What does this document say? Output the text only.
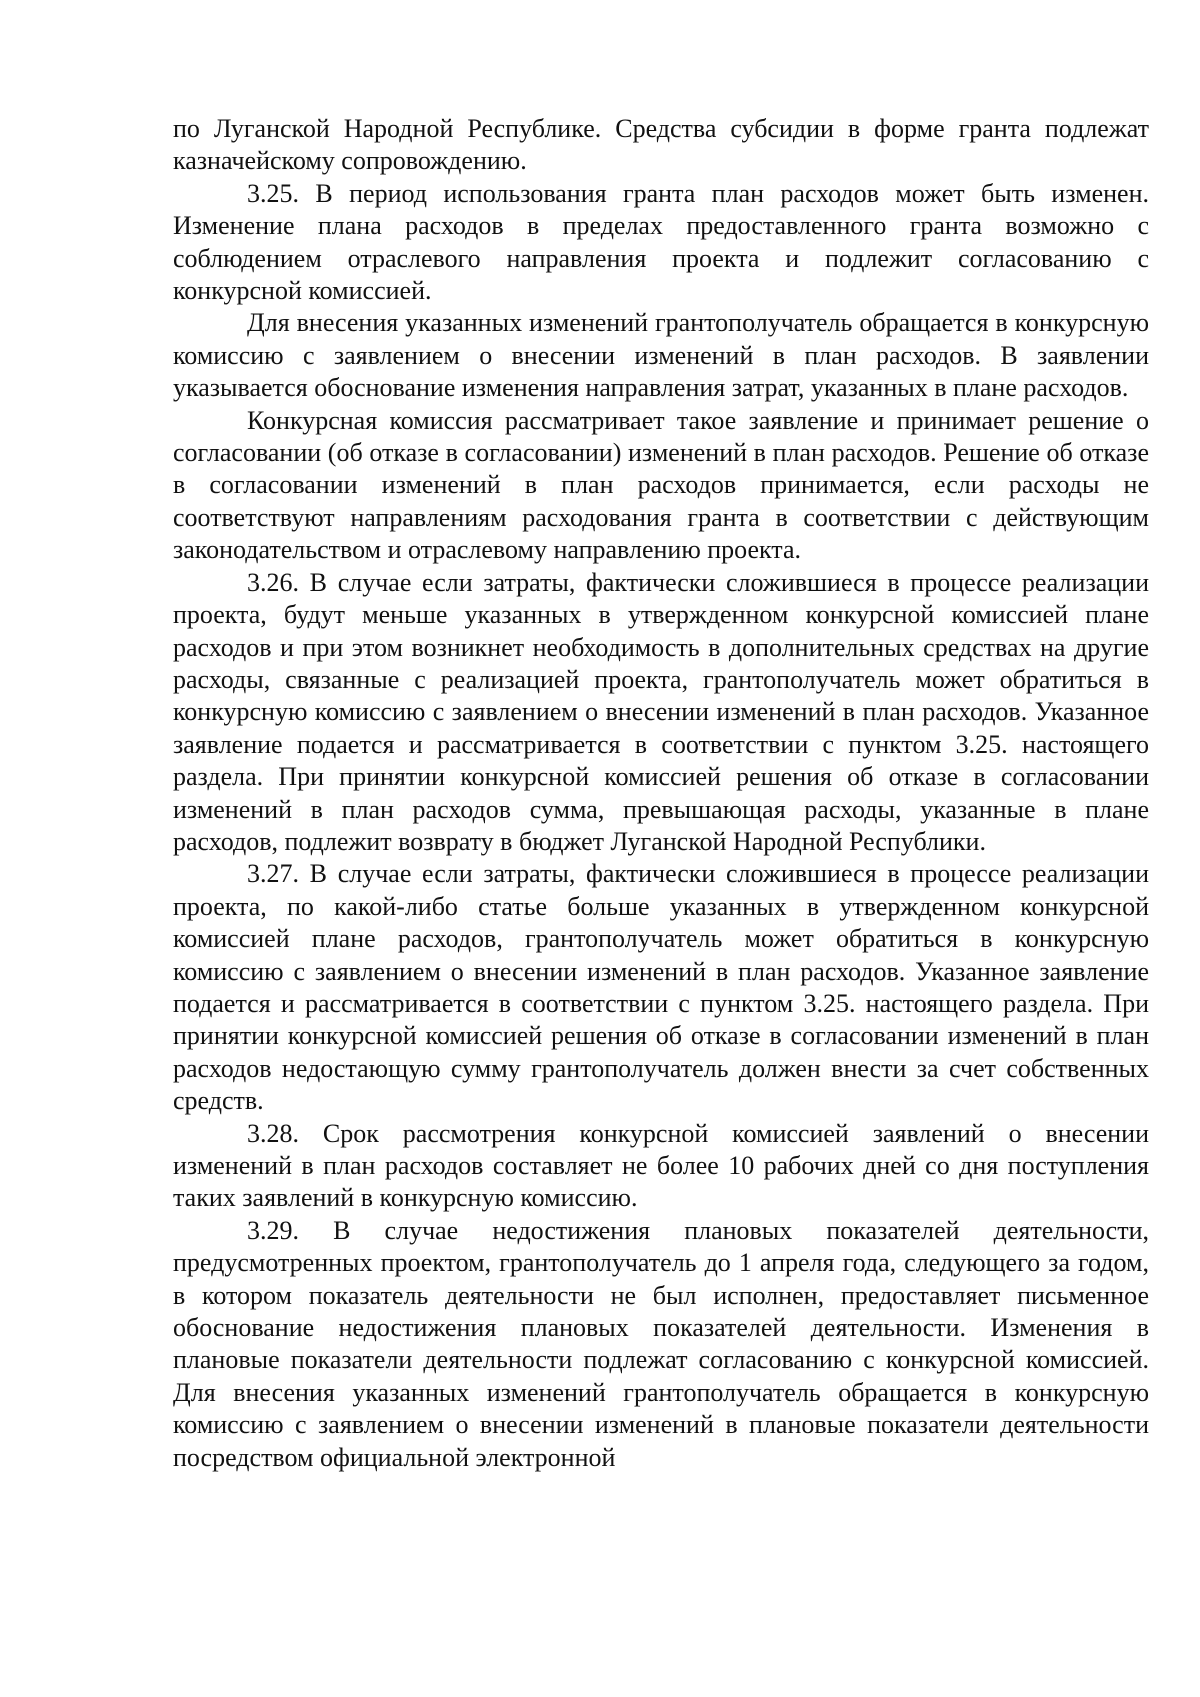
по Луганской Народной Республике. Средства субсидии в форме гранта подлежат казначейскому сопровождению.

3.25. В период использования гранта план расходов может быть изменен. Изменение плана расходов в пределах предоставленного гранта возможно с соблюдением отраслевого направления проекта и подлежит согласованию с конкурсной комиссией.

Для внесения указанных изменений грантополучатель обращается в конкурсную комиссию с заявлением о внесении изменений в план расходов. В заявлении указывается обоснование изменения направления затрат, указанных в плане расходов.

Конкурсная комиссия рассматривает такое заявление и принимает решение о согласовании (об отказе в согласовании) изменений в план расходов. Решение об отказе в согласовании изменений в план расходов принимается, если расходы не соответствуют направлениям расходования гранта в соответствии с действующим законодательством и отраслевому направлению проекта.

3.26. В случае если затраты, фактически сложившиеся в процессе реализации проекта, будут меньше указанных в утвержденном конкурсной комиссией плане расходов и при этом возникнет необходимость в дополнительных средствах на другие расходы, связанные с реализацией проекта, грантополучатель может обратиться в конкурсную комиссию с заявлением о внесении изменений в план расходов. Указанное заявление подается и рассматривается в соответствии с пунктом 3.25. настоящего раздела. При принятии конкурсной комиссией решения об отказе в согласовании изменений в план расходов сумма, превышающая расходы, указанные в плане расходов, подлежит возврату в бюджет Луганской Народной Республики.

3.27. В случае если затраты, фактически сложившиеся в процессе реализации проекта, по какой-либо статье больше указанных в утвержденном конкурсной комиссией плане расходов, грантополучатель может обратиться в конкурсную комиссию с заявлением о внесении изменений в план расходов. Указанное заявление подается и рассматривается в соответствии с пунктом 3.25. настоящего раздела. При принятии конкурсной комиссией решения об отказе в согласовании изменений в план расходов недостающую сумму грантополучатель должен внести за счет собственных средств.

3.28. Срок рассмотрения конкурсной комиссией заявлений о внесении изменений в план расходов составляет не более 10 рабочих дней со дня поступления таких заявлений в конкурсную комиссию.

3.29. В случае недостижения плановых показателей деятельности, предусмотренных проектом, грантополучатель до 1 апреля года, следующего за годом, в котором показатель деятельности не был исполнен, предоставляет письменное обоснование недостижения плановых показателей деятельности. Изменения в плановые показатели деятельности подлежат согласованию с конкурсной комиссией. Для внесения указанных изменений грантополучатель обращается в конкурсную комиссию с заявлением о внесении изменений в плановые показатели деятельности посредством официальной электронной
